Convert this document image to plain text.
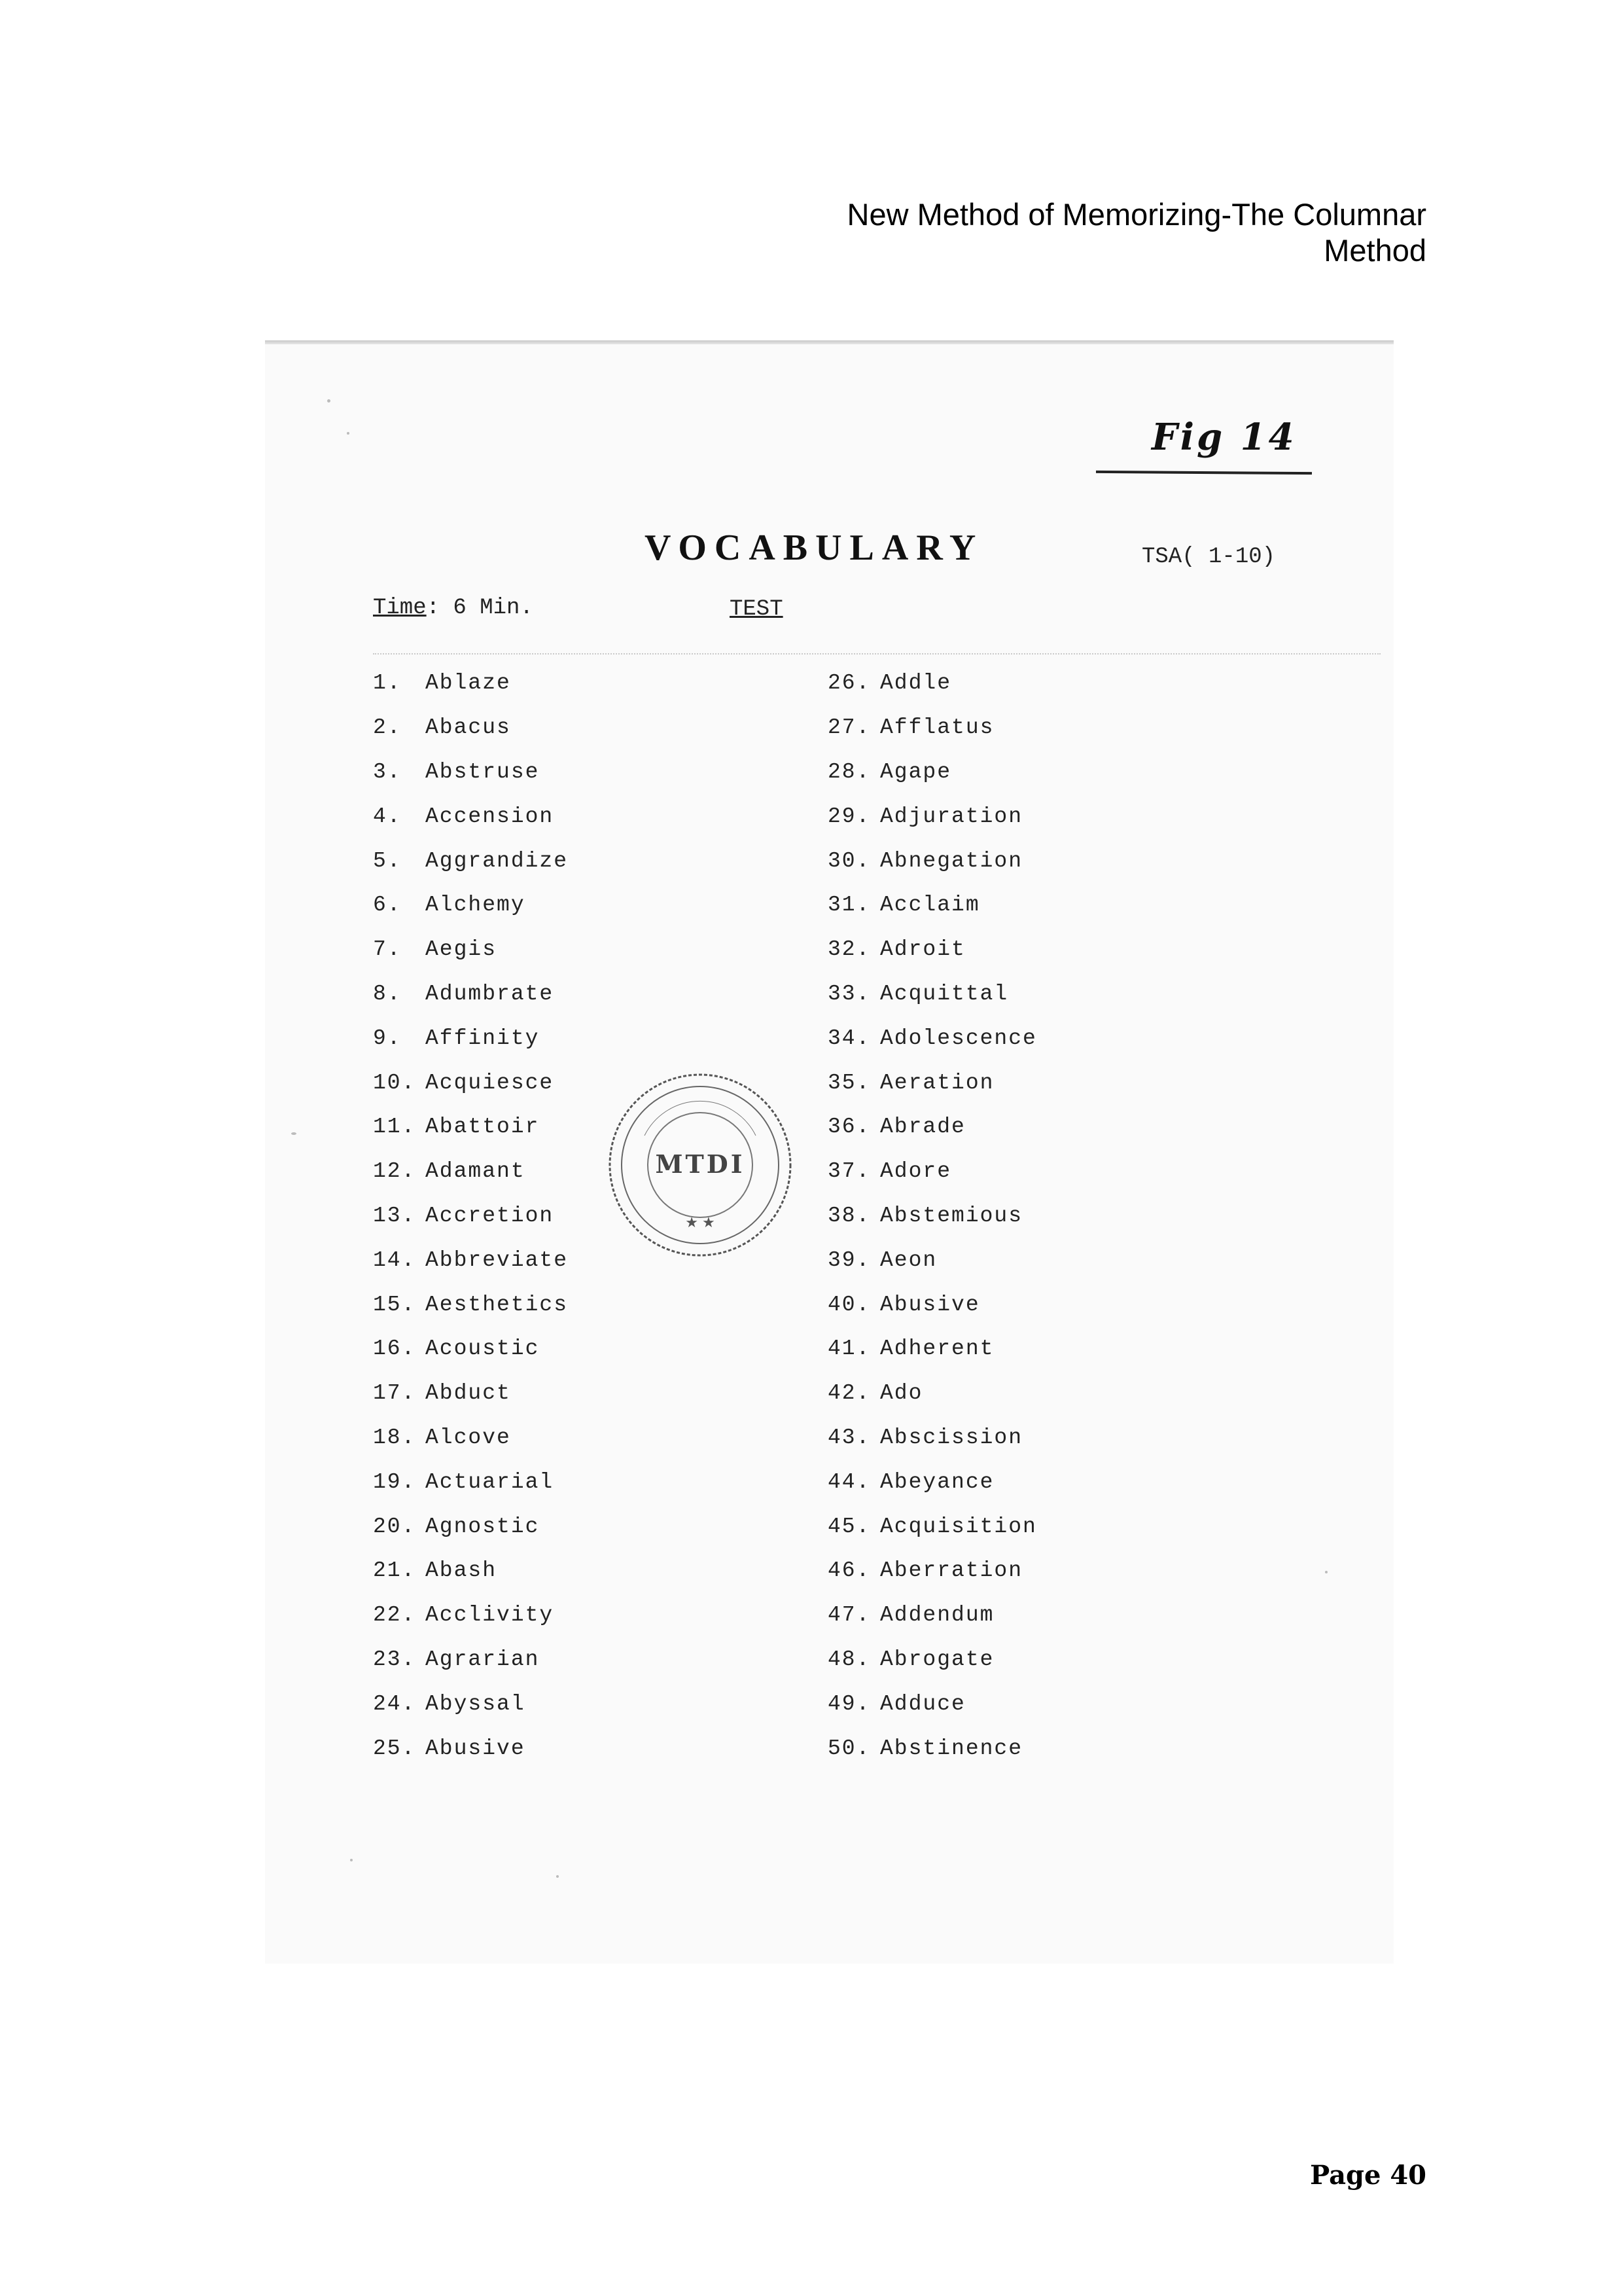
New Method of Memorizing-The Columnar Method
Fig 14
VOCABULARY	TSA( 1-10)
Time: 6 Min.	TEST
1.	Ablaze
2.	Abacus
3.	Abstruse
4.	Accension
5.	Aggrandize
6.	Alchemy
7.	Aegis
8.	Adumbrate
9.	Affinity
10. Acquiesce
11. Abattoir
12. Adamant
13. Accretion
14. Abbreviate
15. Aesthetics
16. Acoustic
17. Abduct
18. Alcove
19. Actuarial
20. Agnostic
21. Abash
22. Acclivity
23. Agrarian
24. Abyssal
25. Abusive
26. Addle
27. Afflatus
28. Agape
29. Adjuration
30. Abnegation
31. Acclaim
32. Adroit
33. Acquittal
34. Adolescence
35. Aeration
36. Abrade
37. Adore
38. Abstemious
39. Aeon
40. Abusive
41. Adherent
42. Ado
43. Abscission
44. Abeyance
45. Acquisition
46. Aberration
47. Addendum
48. Abrogate
49. Adduce
50. Abstinence
MTDI
★ ★
Page 40
